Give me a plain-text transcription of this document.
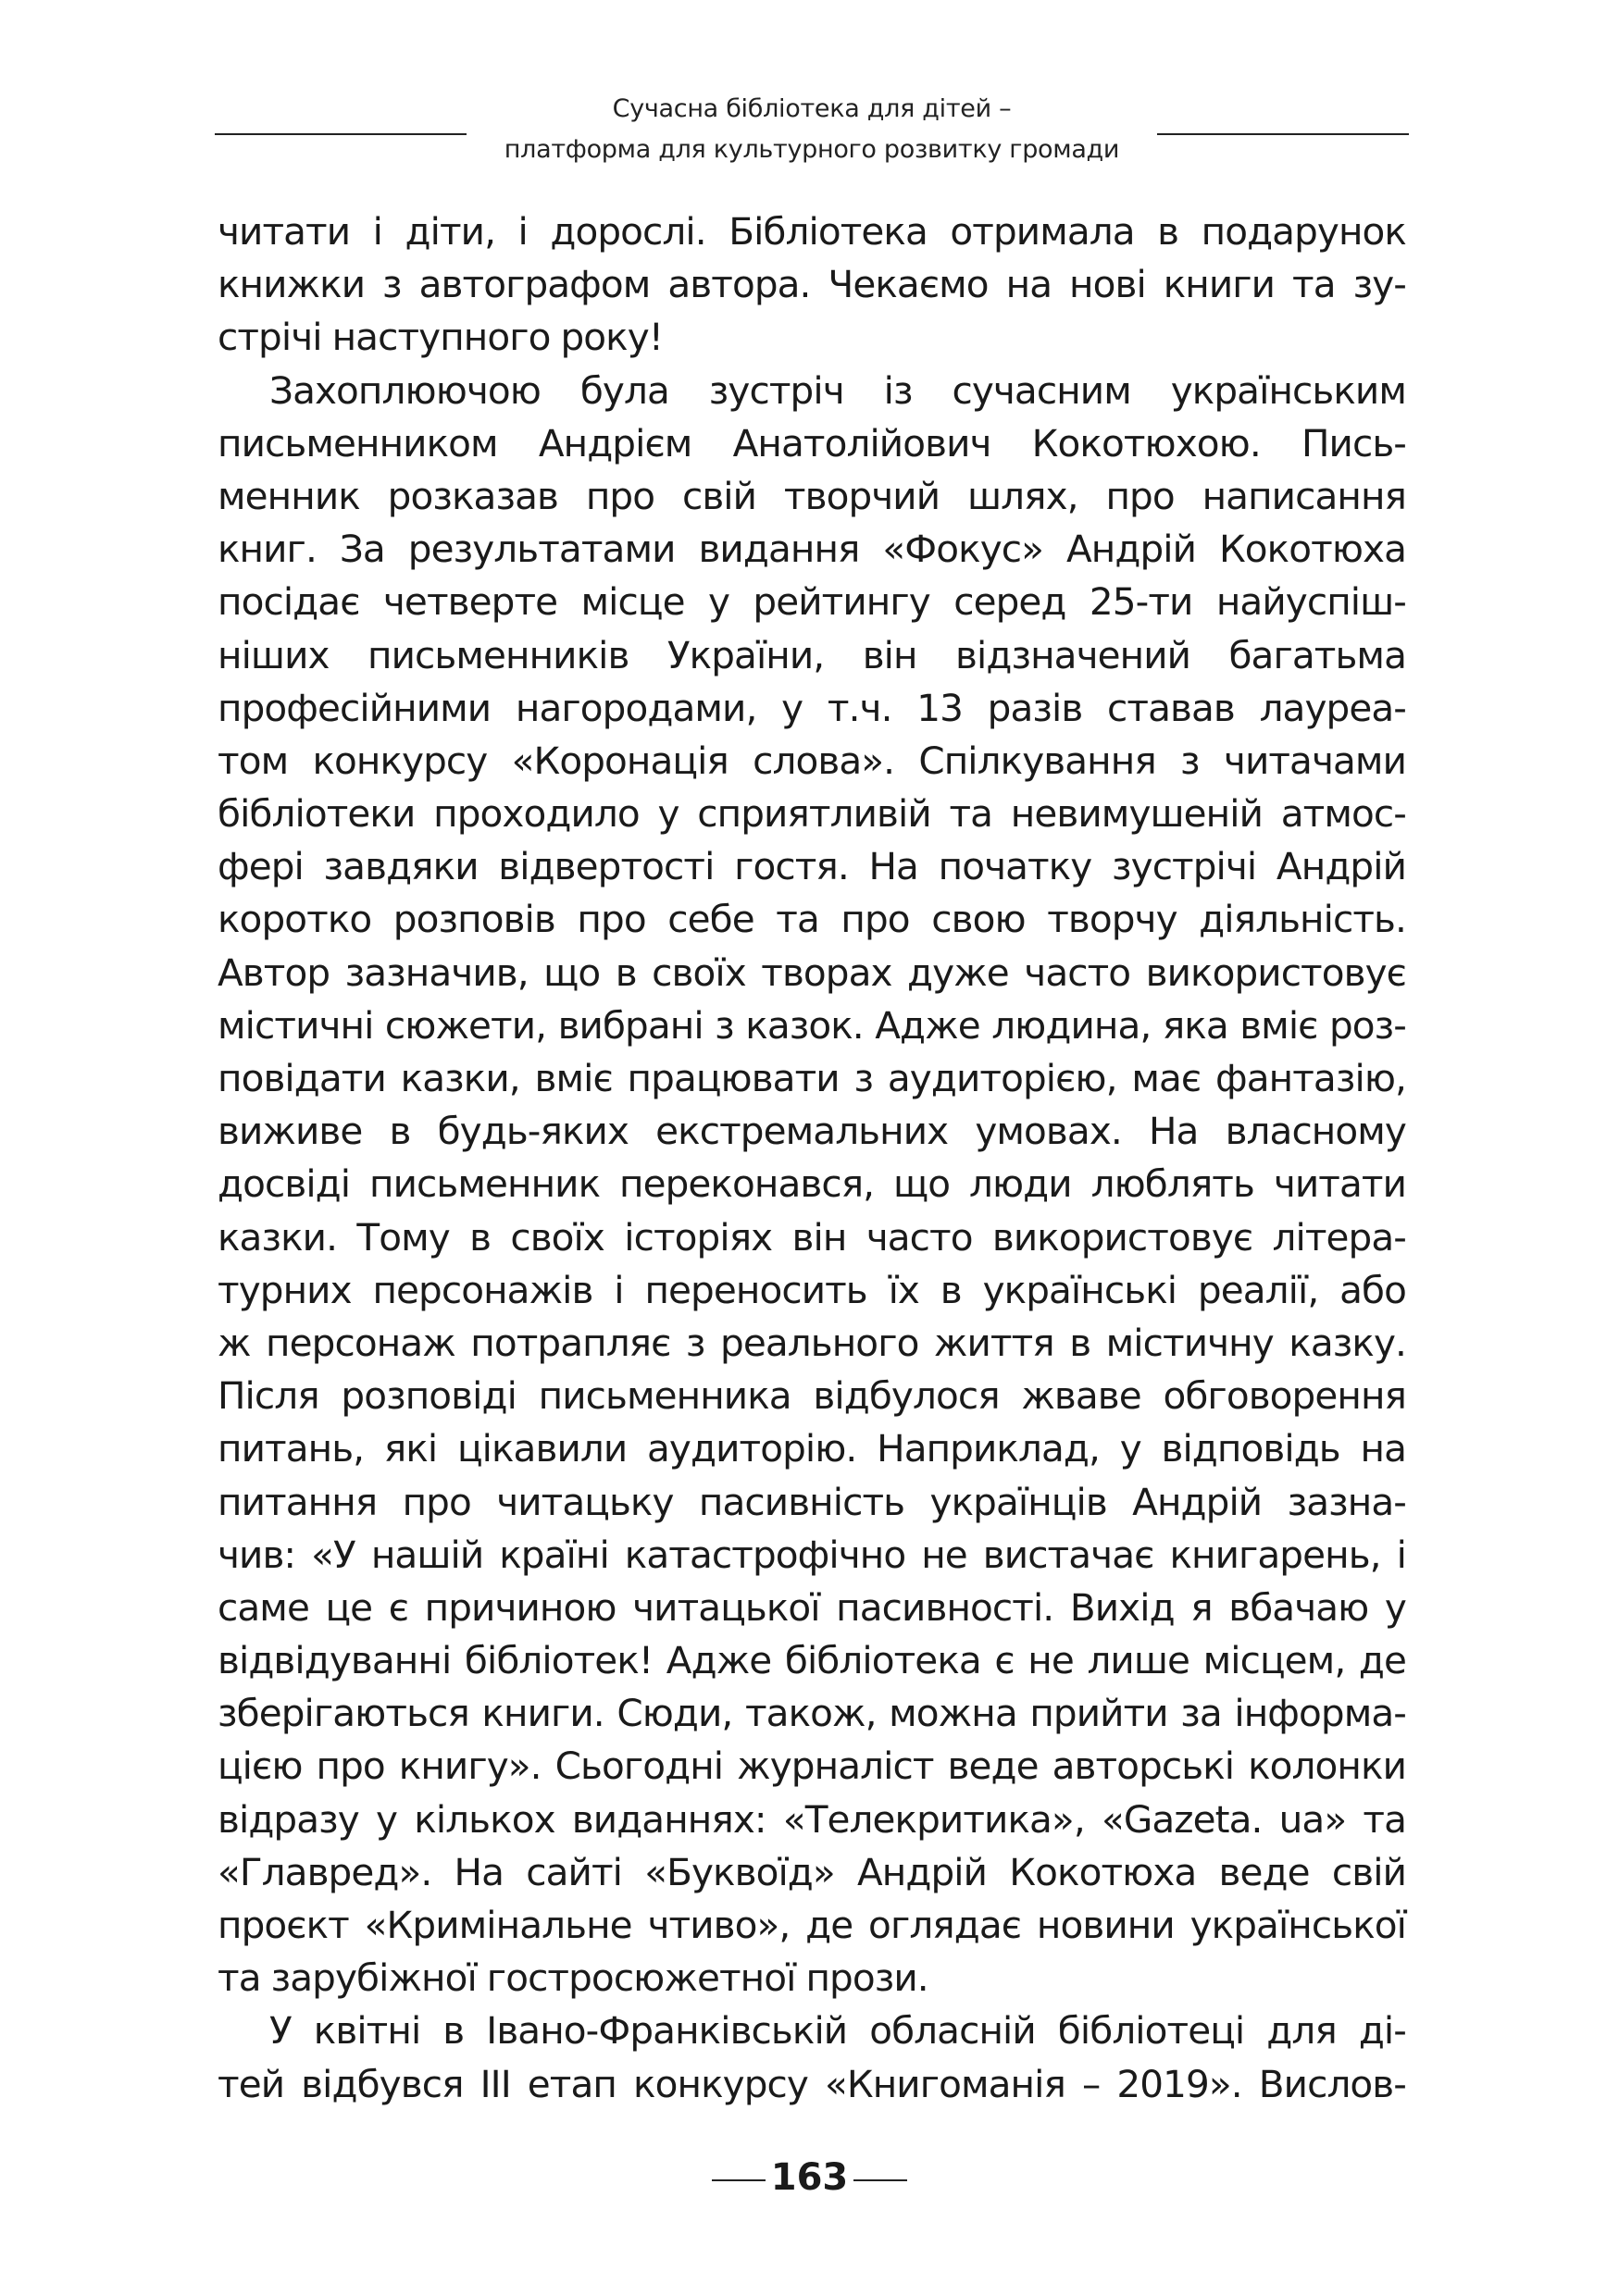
Сучасна бібліотека для дітей –
платформа для культурного розвитку громади
читати і діти, і дорослі. Бібліотека отримала в подарунок
книжки з автографом автора. Чекаємо на нові книги та зу-
стрічі наступного року!
Захоплюючою була зустріч із сучасним українським
письменником Андрієм Анатолійович Кокотюхою. Пись-
менник розказав про свій творчий шлях, про написання
книг. За результатами видання «Фокус» Андрій Кокотюха
посідає четверте місце у рейтингу серед 25-ти найуспіш-
ніших письменників України, він відзначений багатьма
професійними нагородами, у т.ч. 13 разів ставав лауреа-
том конкурсу «Коронація слова». Спілкування з читачами
бібліотеки проходило у сприятливій та невимушеній атмос-
фері завдяки відвертості гостя. На початку зустрічі Андрій
коротко розповів про себе та про свою творчу діяльність.
Автор зазначив, що в своїх творах дуже часто використовує
містичні сюжети, вибрані з казок. Адже людина, яка вміє роз-
повідати казки, вміє працювати з аудиторією, має фантазію,
виживе в будь-яких екстремальних умовах. На власному
досвіді письменник переконався, що люди люблять читати
казки. Тому в своїх історіях він часто використовує літера-
турних персонажів і переносить їх в українські реалії, або
ж персонаж потрапляє з реального життя в містичну казку.
Після розповіді письменника відбулося жваве обговорення
питань, які цікавили аудиторію. Наприклад, у відповідь на
питання про читацьку пасивність українців Андрій зазна-
чив: «У нашій країні катастрофічно не вистачає книгарень, і
саме це є причиною читацької пасивності. Вихід я вбачаю у
відвідуванні бібліотек! Адже бібліотека є не лише місцем, де
зберігаються книги. Сюди, також, можна прийти за інформа-
цією про книгу». Сьогодні журналіст веде авторські колонки
відразу у кількох виданнях: «Телекритика», «Gazeta. ua» та
«Главред». На сайті «Буквоїд» Андрій Кокотюха веде свій
проєкт «Кримінальне чтиво», де оглядає новини української
та зарубіжної гостросюжетної прози.
У квітні в Івано-Франківській обласній бібліотеці для ді-
тей відбувся ІІІ етап конкурсу «Книгоманія – 2019». Вислов-
163
